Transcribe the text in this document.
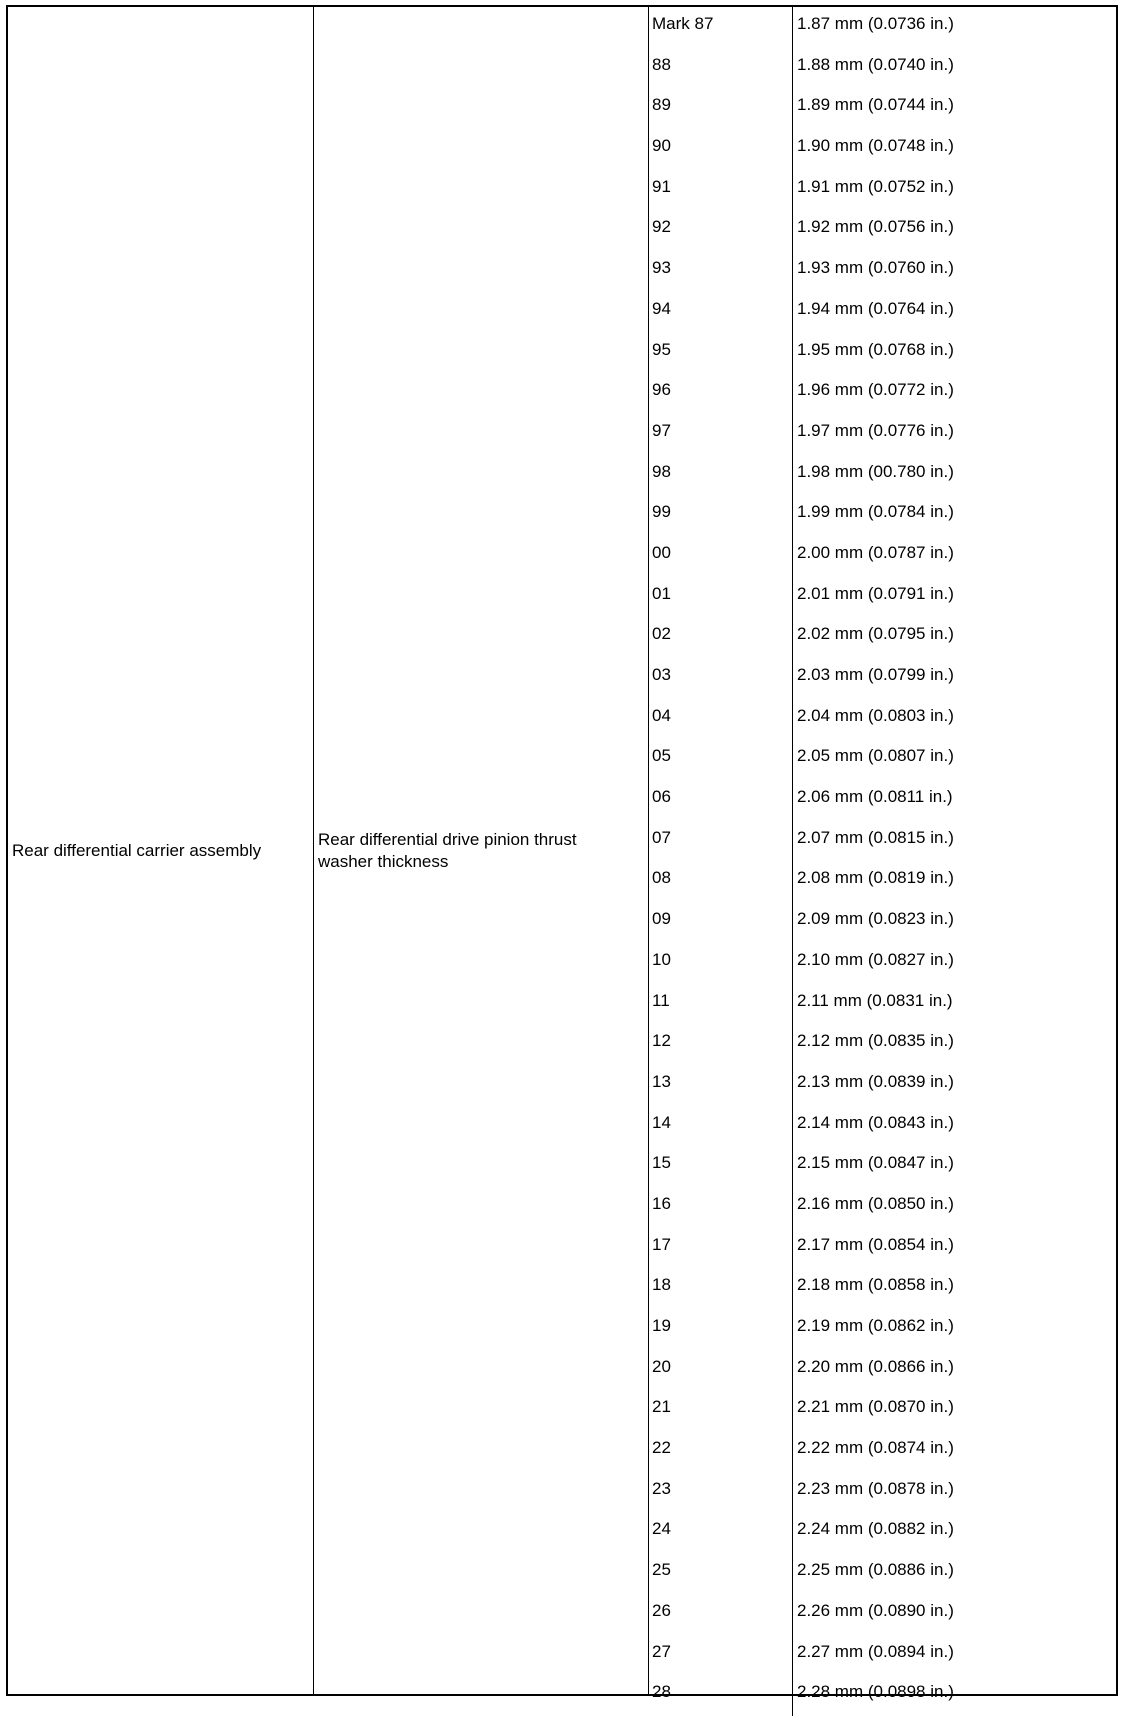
Rear differential carrier assembly
Rear differential drive pinion thrust washer thickness
Mark 87	1.87 mm (0.0736 in.)
88	1.88 mm (0.0740 in.)
89	1.89 mm (0.0744 in.)
90	1.90 mm (0.0748 in.)
91	1.91 mm (0.0752 in.)
92	1.92 mm (0.0756 in.)
93	1.93 mm (0.0760 in.)
94	1.94 mm (0.0764 in.)
95	1.95 mm (0.0768 in.)
96	1.96 mm (0.0772 in.)
97	1.97 mm (0.0776 in.)
98	1.98 mm (00.780 in.)
99	1.99 mm (0.0784 in.)
00	2.00 mm (0.0787 in.)
01	2.01 mm (0.0791 in.)
02	2.02 mm (0.0795 in.)
03	2.03 mm (0.0799 in.)
04	2.04 mm (0.0803 in.)
05	2.05 mm (0.0807 in.)
06	2.06 mm (0.0811 in.)
07	2.07 mm (0.0815 in.)
08	2.08 mm (0.0819 in.)
09	2.09 mm (0.0823 in.)
10	2.10 mm (0.0827 in.)
11	2.11 mm (0.0831 in.)
12	2.12 mm (0.0835 in.)
13	2.13 mm (0.0839 in.)
14	2.14 mm (0.0843 in.)
15	2.15 mm (0.0847 in.)
16	2.16 mm (0.0850 in.)
17	2.17 mm (0.0854 in.)
18	2.18 mm (0.0858 in.)
19	2.19 mm (0.0862 in.)
20	2.20 mm (0.0866 in.)
21	2.21 mm (0.0870 in.)
22	2.22 mm (0.0874 in.)
23	2.23 mm (0.0878 in.)
24	2.24 mm (0.0882 in.)
25	2.25 mm (0.0886 in.)
26	2.26 mm (0.0890 in.)
27	2.27 mm (0.0894 in.)
28	2.28 mm (0.0898 in.)
